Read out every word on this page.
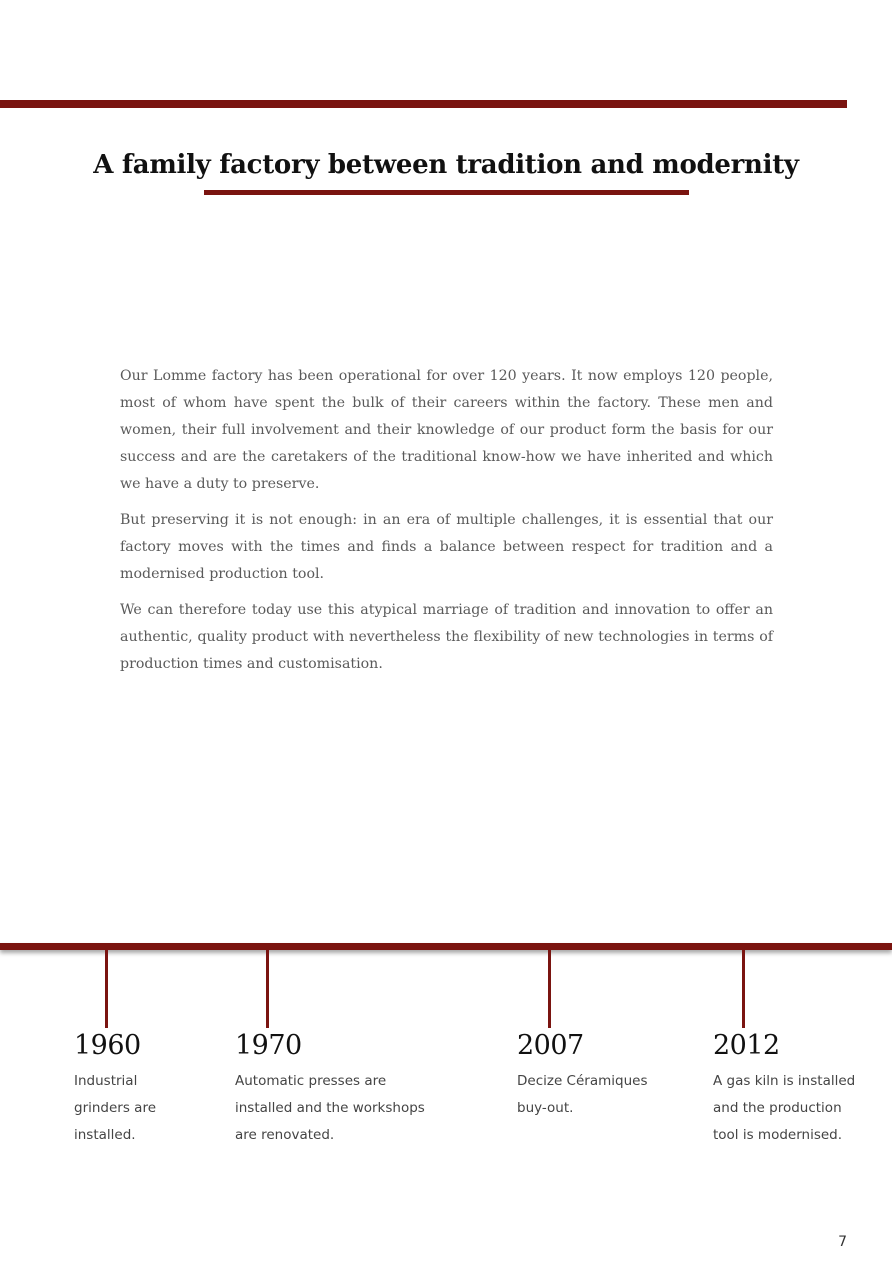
A family factory between tradition and modernity

Our Lomme factory has been operational for over 120 years. It now employs 120 people, most of whom have spent the bulk of their careers within the factory. These men and women, their full involvement and their knowledge of our product form the basis for our success and are the caretakers of the traditional know-how we have inherited and which we have a duty to preserve.

But preserving it is not enough: in an era of multiple challenges, it is essential that our factory moves with the times and finds a balance between respect for tradition and a modernised production tool.

We can therefore today use this atypical marriage of tradition and innovation to offer an authentic, quality product with nevertheless the flexibility of new technologies in terms of production times and customisation.

1960
Industrial
grinders are
installed.
1970
Automatic presses are
installed and the workshops
are renovated.
2007
Decize Céramiques
buy-out.
2012
A gas kiln is installed
and the production
tool is modernised.
7
